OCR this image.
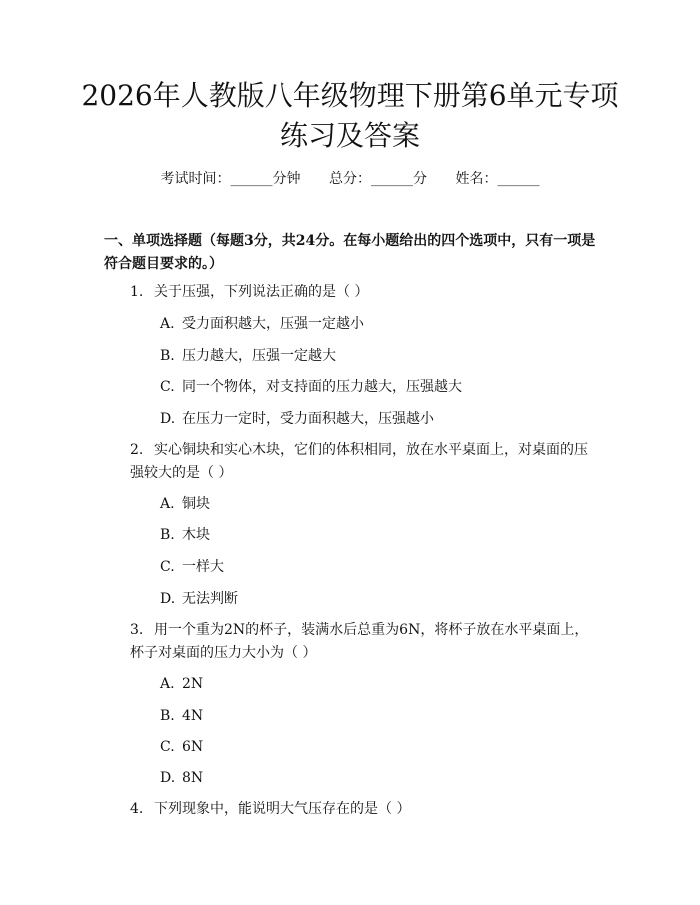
2026年人教版八年级物理下册第6单元专项
练习及答案
考试时间：______分钟 总分：______分 姓名：______
一、单项选择题（每题3分，共24分。在每小题给出的四个选项中，只有一项是符合题目要求的。）
1. 关于压强，下列说法正确的是（ ）
A. 受力面积越大，压强一定越小
B. 压力越大，压强一定越大
C. 同一个物体，对支持面的压力越大，压强越大
D. 在压力一定时，受力面积越大，压强越小
2. 实心铜块和实心木块，它们的体积相同，放在水平桌面上，对桌面的压强较大的是（ ）
A. 铜块
B. 木块
C. 一样大
D. 无法判断
3. 用一个重为2N的杯子，装满水后总重为6N，将杯子放在水平桌面上，杯子对桌面的压力大小为（ ）
A. 2N
B. 4N
C. 6N
D. 8N
4. 下列现象中，能说明大气压存在的是（ ）
